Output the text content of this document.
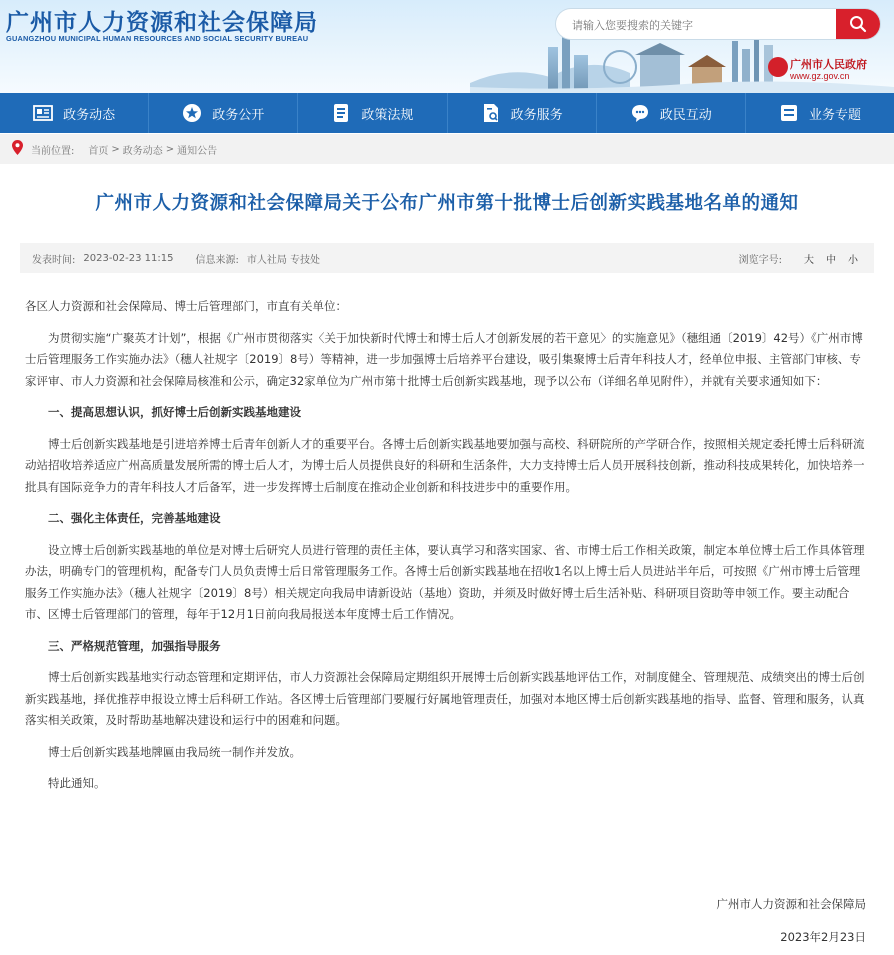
广州市人力资源和社会保障局
GUANGZHOU MUNICIPAL HUMAN RESOURCES AND SOCIAL SECURITY BUREAU
请输入您要搜索的关键字
广州市人民政府
www.gz.gov.cn
政务动态	政务公开	政策法规	政务服务	政民互动	业务专题
当前位置: 首页 > 政务动态 > 通知公告
广州市人力资源和社会保障局关于公布广州市第十批博士后创新实践基地名单的通知
发表时间: 2023-02-23 11:15 信息来源: 市人社局 专技处	浏览字号: 大 中 小

各区人力资源和社会保障局、博士后管理部门，市直有关单位：

为贯彻实施“广聚英才计划”，根据《广州市贯彻落实〈关于加快新时代博士和博士后人才创新发展的若干意见〉的实施意见》（穗组通〔2019〕42号）《广州市博士后管理服务工作实施办法》（穗人社规字〔2019〕8号）等精神，进一步加强博士后培养平台建设，吸引集聚博士后青年科技人才，经单位申报、主管部门审核、专家评审、市人力资源和社会保障局核准和公示，确定32家单位为广州市第十批博士后创新实践基地，现予以公布（详细名单见附件），并就有关要求通知如下：

一、提高思想认识，抓好博士后创新实践基地建设

博士后创新实践基地是引进培养博士后青年创新人才的重要平台。各博士后创新实践基地要加强与高校、科研院所的产学研合作，按照相关规定委托博士后科研流动站招收培养适应广州高质量发展所需的博士后人才，为博士后人员提供良好的科研和生活条件，大力支持博士后人员开展科技创新，推动科技成果转化，加快培养一批具有国际竞争力的青年科技人才后备军，进一步发挥博士后制度在推动企业创新和科技进步中的重要作用。

二、强化主体责任，完善基地建设

设立博士后创新实践基地的单位是对博士后研究人员进行管理的责任主体，要认真学习和落实国家、省、市博士后工作相关政策，制定本单位博士后工作具体管理办法，明确专门的管理机构，配备专门人员负责博士后日常管理服务工作。各博士后创新实践基地在招收1名以上博士后人员进站半年后，可按照《广州市博士后管理服务工作实施办法》（穗人社规字〔2019〕8号）相关规定向我局申请新设站（基地）资助，并须及时做好博士后生活补贴、科研项目资助等申领工作。要主动配合市、区博士后管理部门的管理，每年于12月1日前向我局报送本年度博士后工作情况。

三、严格规范管理，加强指导服务

博士后创新实践基地实行动态管理和定期评估，市人力资源社会保障局定期组织开展博士后创新实践基地评估工作，对制度健全、管理规范、成绩突出的博士后创新实践基地，择优推荐申报设立博士后科研工作站。各区博士后管理部门要履行好属地管理责任，加强对本地区博士后创新实践基地的指导、监督、管理和服务，认真落实相关政策，及时帮助基地解决建设和运行中的困难和问题。

博士后创新实践基地牌匾由我局统一制作并发放。

特此通知。

广州市人力资源和社会保障局
2023年2月23日
